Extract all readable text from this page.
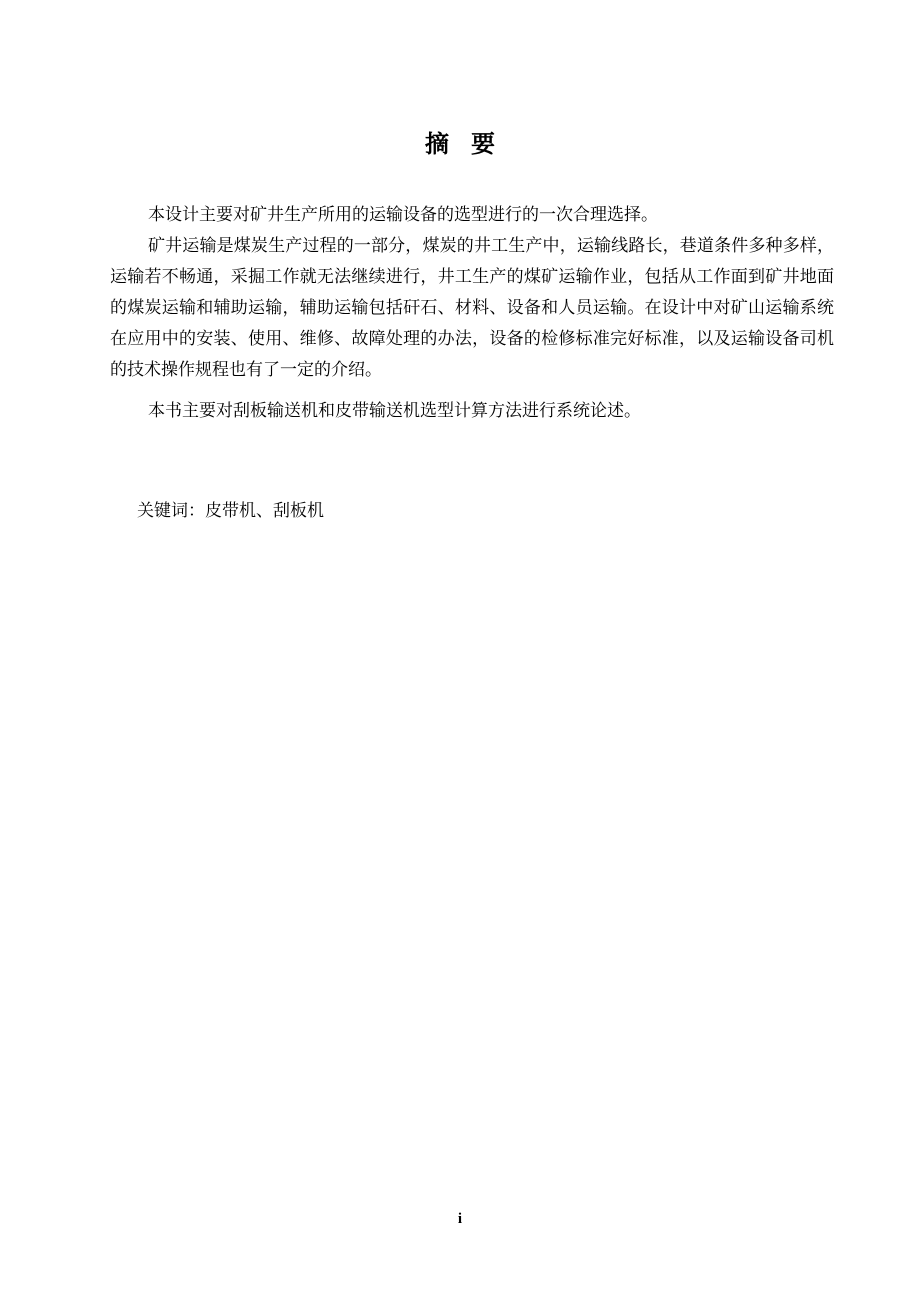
摘要

本设计主要对矿井生产所用的运输设备的选型进行的一次合理选择。

矿井运输是煤炭生产过程的一部分，煤炭的井工生产中，运输线路长，巷道条件多种多样，运输若不畅通，采掘工作就无法继续进行，井工生产的煤矿运输作业，包括从工作面到矿井地面的煤炭运输和辅助运输，辅助运输包括矸石、材料、设备和人员运输。在设计中对矿山运输系统在应用中的安装、使用、维修、故障处理的办法，设备的检修标准完好标准，以及运输设备司机的技术操作规程也有了一定的介绍。

本书主要对刮板输送机和皮带输送机选型计算方法进行系统论述。

关键词：皮带机、刮板机

i
